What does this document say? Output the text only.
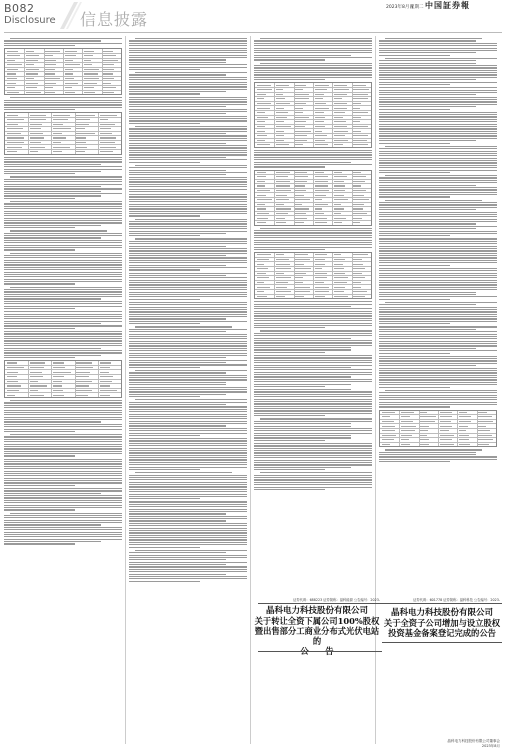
B082
Disclosure 信息披露
2023年8月日
星期二 中国証券報
证券代码：688223 证券简称：晶科能源 公告编号：2023-
晶科电力科技股份有限公司
关于转让全资下属公司100%股权
暨出售部分工商业分布式光伏电站的
公　　告
证券代码：601778 证券简称：晶科科技 公告编号：2023-
晶科电力科技股份有限公司
关于全资子公司增加与设立股权
投资基金备案登记完成的公告
晶科电力科技股份有限公司董事会
2023年8月
